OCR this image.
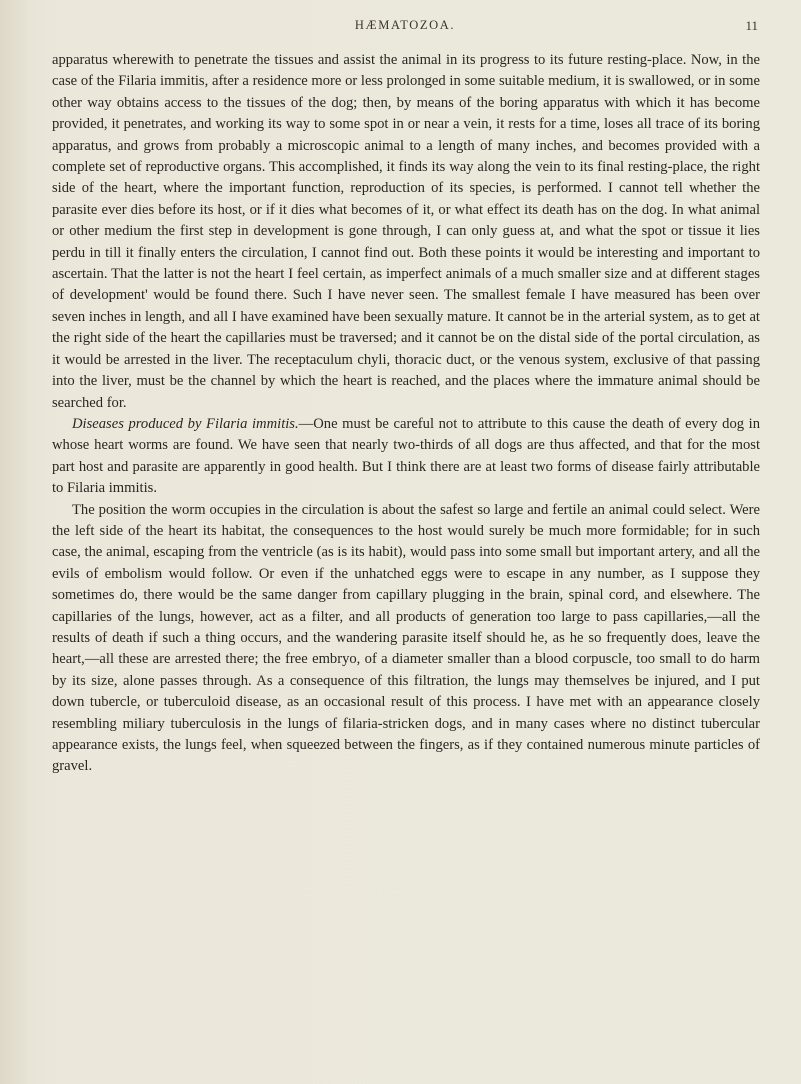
HÆMATOZOA.	11

apparatus wherewith to penetrate the tissues and assist the animal in its progress to its future resting-place. Now, in the case of the Filaria immitis, after a residence more or less prolonged in some suitable medium, it is swallowed, or in some other way obtains access to the tissues of the dog; then, by means of the boring apparatus with which it has become provided, it penetrates, and working its way to some spot in or near a vein, it rests for a time, loses all trace of its boring apparatus, and grows from probably a microscopic animal to a length of many inches, and becomes provided with a complete set of reproductive organs. This accomplished, it finds its way along the vein to its final resting-place, the right side of the heart, where the important function, reproduction of its species, is performed. I cannot tell whether the parasite ever dies before its host, or if it dies what becomes of it, or what effect its death has on the dog. In what animal or other medium the first step in development is gone through, I can only guess at, and what the spot or tissue it lies perdu in till it finally enters the circulation, I cannot find out. Both these points it would be interesting and important to ascertain. That the latter is not the heart I feel certain, as imperfect animals of a much smaller size and at different stages of development' would be found there. Such I have never seen. The smallest female I have measured has been over seven inches in length, and all I have examined have been sexually mature. It cannot be in the arterial system, as to get at the right side of the heart the capillaries must be traversed; and it cannot be on the distal side of the portal circulation, as it would be arrested in the liver. The receptaculum chyli, thoracic duct, or the venous system, exclusive of that passing into the liver, must be the channel by which the heart is reached, and the places where the immature animal should be searched for.

Diseases produced by Filaria immitis.—One must be careful not to attribute to this cause the death of every dog in whose heart worms are found. We have seen that nearly two-thirds of all dogs are thus affected, and that for the most part host and parasite are apparently in good health. But I think there are at least two forms of disease fairly attributable to Filaria immitis.

The position the worm occupies in the circulation is about the safest so large and fertile an animal could select. Were the left side of the heart its habitat, the consequences to the host would surely be much more formidable; for in such case, the animal, escaping from the ventricle (as is its habit), would pass into some small but important artery, and all the evils of embolism would follow. Or even if the unhatched eggs were to escape in any number, as I suppose they sometimes do, there would be the same danger from capillary plugging in the brain, spinal cord, and elsewhere. The capillaries of the lungs, however, act as a filter, and all products of generation too large to pass capillaries,—all the results of death if such a thing occurs, and the wandering parasite itself should he, as he so frequently does, leave the heart,—all these are arrested there; the free embryo, of a diameter smaller than a blood corpuscle, too small to do harm by its size, alone passes through. As a consequence of this filtration, the lungs may themselves be injured, and I put down tubercle, or tuberculoid disease, as an occasional result of this process. I have met with an appearance closely resembling miliary tuberculosis in the lungs of filaria-stricken dogs, and in many cases where no distinct tubercular appearance exists, the lungs feel, when squeezed between the fingers, as if they contained numerous minute particles of gravel.
